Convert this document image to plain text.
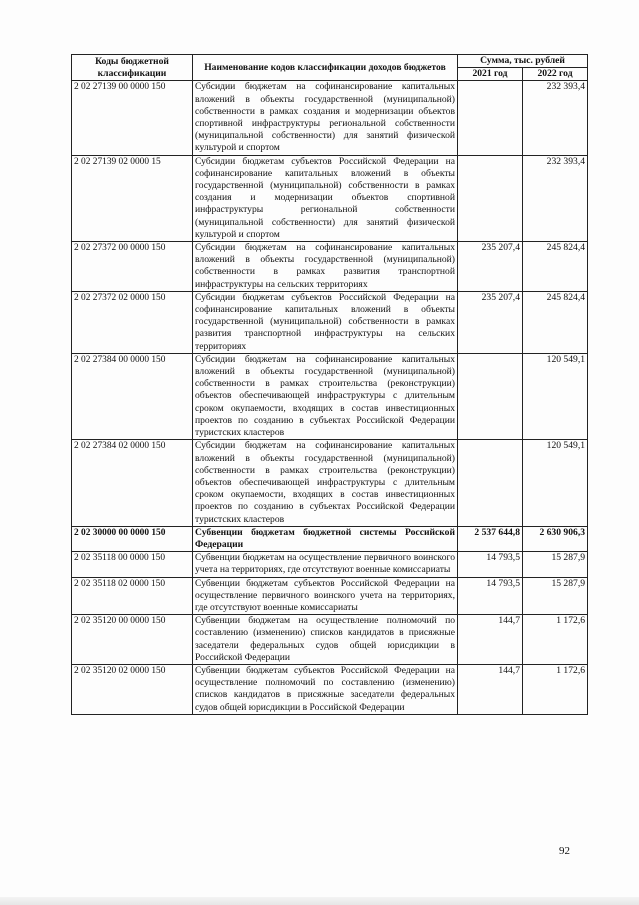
Коды бюджетной классификации	Наименование кодов классификации доходов бюджетов	Сумма, тыс. рублей	
		2021 год	2022 год
2 02 27139 00 0000 150	Субсидии бюджетам на софинансирование капитальных вложений в объекты государственной (муниципальной) собственности в рамках создания и модернизации объектов спортивной инфраструктуры региональной собственности (муниципальной собственности) для занятий физической культурой и спортом		232 393,4
2 02 27139 02 0000 15	Субсидии бюджетам субъектов Российской Федерации на софинансирование капитальных вложений в объекты государственной (муниципальной) собственности в рамках создания и модернизации объектов спортивной инфраструктуры региональной собственности (муниципальной собственности) для занятий физической культурой и спортом		232 393,4
2 02 27372 00 0000 150	Субсидии бюджетам на софинансирование капитальных вложений в объекты государственной (муниципальной) собственности в рамках развития транспортной инфраструктуры на сельских территориях	235 207,4	245 824,4
2 02 27372 02 0000 150	Субсидии бюджетам субъектов Российской Федерации на софинансирование капитальных вложений в объекты государственной (муниципальной) собственности в рамках развития транспортной инфраструктуры на сельских территориях	235 207,4	245 824,4
2 02 27384 00 0000 150	Субсидии бюджетам на софинансирование капитальных вложений в объекты государственной (муниципальной) собственности в рамках строительства (реконструкции) объектов обеспечивающей инфраструктуры с длительным сроком окупаемости, входящих в состав инвестиционных проектов по созданию в субъектах Российской Федерации туристских кластеров		120 549,1
2 02 27384 02 0000 150	Субсидии бюджетам на софинансирование капитальных вложений в объекты государственной (муниципальной) собственности в рамках строительства (реконструкции) объектов обеспечивающей инфраструктуры с длительным сроком окупаемости, входящих в состав инвестиционных проектов по созданию в субъектах Российской Федерации туристских кластеров		120 549,1
2 02 30000 00 0000 150	Субвенции бюджетам бюджетной системы Российской Федерации	2 537 644,8	2 630 906,3
2 02 35118 00 0000 150	Субвенции бюджетам на осуществление первичного воинского учета на территориях, где отсутствуют военные комиссариаты	14 793,5	15 287,9
2 02 35118 02 0000 150	Субвенции бюджетам субъектов Российской Федерации на осуществление первичного воинского учета на территориях, где отсутствуют военные комиссариаты	14 793,5	15 287,9
2 02 35120 00 0000 150	Субвенции бюджетам на осуществление полномочий по составлению (изменению) списков кандидатов в присяжные заседатели федеральных судов общей юрисдикции в Российской Федерации	144,7	1 172,6
2 02 35120 02 0000 150	Субвенции бюджетам субъектов Российской Федерации на осуществление полномочий по составлению (изменению) списков кандидатов в присяжные заседатели федеральных судов общей юрисдикции в Российской Федерации	144,7	1 172,6
92
